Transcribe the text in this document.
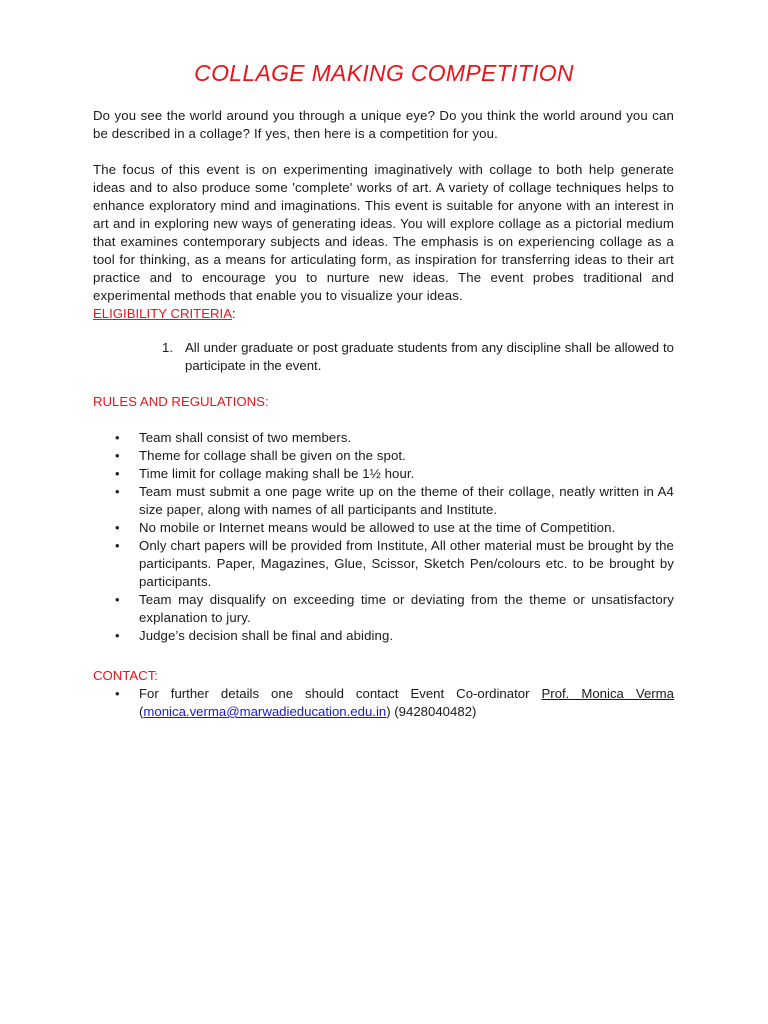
COLLAGE MAKING COMPETITION
Do you see the world around you through a unique eye? Do you think the world around you can be described in a collage? If yes, then here is a competition for you.
The focus of this event is on experimenting imaginatively with collage to both help generate ideas and to also produce some 'complete' works of art. A variety of collage techniques helps to enhance exploratory mind and imaginations. This event is suitable for anyone with an interest in art and in exploring new ways of generating ideas. You will explore collage as a pictorial medium that examines contemporary subjects and ideas. The emphasis is on experiencing collage as a tool for thinking, as a means for articulating form, as inspiration for transferring ideas to their art practice and to encourage you to nurture new ideas. The event probes traditional and experimental methods that enable you to visualize your ideas.
ELIGIBILITY CRITERIA:
1. All under graduate or post graduate students from any discipline shall be allowed to participate in the event.
RULES AND REGULATIONS:
• Team shall consist of two members.
• Theme for collage shall be given on the spot.
• Time limit for collage making shall be 1½ hour.
• Team must submit a one page write up on the theme of their collage, neatly written in A4 size paper, along with names of all participants and Institute.
• No mobile or Internet means would be allowed to use at the time of Competition.
• Only chart papers will be provided from Institute, All other material must be brought by the participants. Paper, Magazines, Glue, Scissor, Sketch Pen/colours etc. to be brought by participants.
• Team may disqualify on exceeding time or deviating from the theme or unsatisfactory explanation to jury.
• Judge’s decision shall be final and abiding.
CONTACT:
• For further details one should contact Event Co-ordinator Prof. Monica Verma (monica.verma@marwadieducation.edu.in) (9428040482)
